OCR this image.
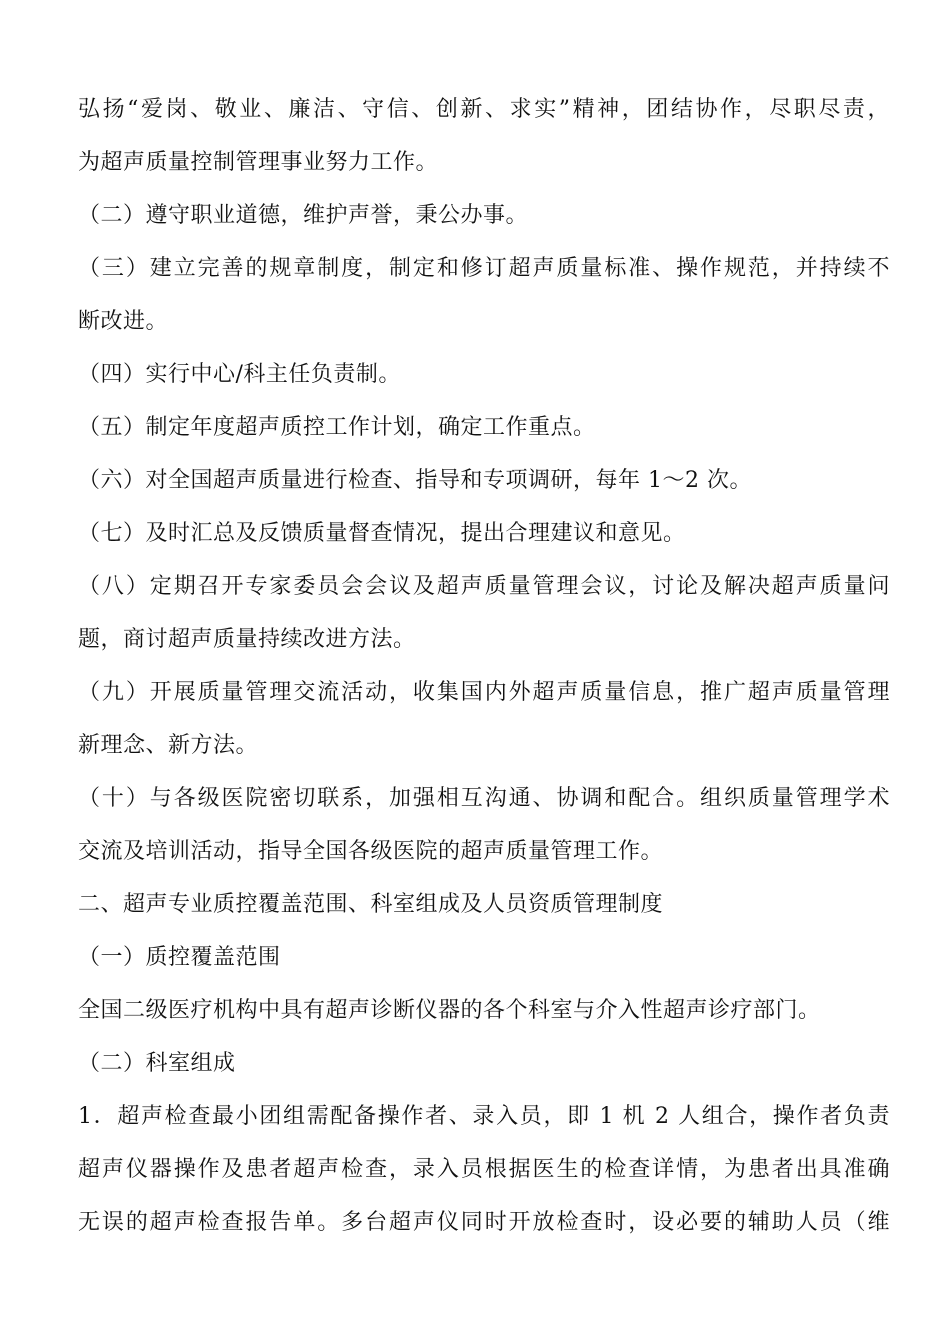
弘扬“爱岗、敬业、廉洁、守信、创新、求实”精神，团结协作，尽职尽责，
为超声质量控制管理事业努力工作。
（二）遵守职业道德，维护声誉，秉公办事。
（三）建立完善的规章制度，制定和修订超声质量标准、操作规范，并持续不
断改进。
（四）实行中心/科主任负责制。
（五）制定年度超声质控工作计划，确定工作重点。
（六）对全国超声质量进行检查、指导和专项调研，每年 1～2 次。
（七）及时汇总及反馈质量督查情况，提出合理建议和意见。
（八）定期召开专家委员会会议及超声质量管理会议，讨论及解决超声质量问
题，商讨超声质量持续改进方法。
（九）开展质量管理交流活动，收集国内外超声质量信息，推广超声质量管理
新理念、新方法。
（十）与各级医院密切联系，加强相互沟通、协调和配合。组织质量管理学术
交流及培训活动，指导全国各级医院的超声质量管理工作。
二、超声专业质控覆盖范围、科室组成及人员资质管理制度
（一）质控覆盖范围
全国二级医疗机构中具有超声诊断仪器的各个科室与介入性超声诊疗部门。
（二）科室组成
1．超声检查最小团组需配备操作者、录入员，即 1 机 2 人组合，操作者负责
超声仪器操作及患者超声检查，录入员根据医生的检查详情，为患者出具准确
无误的超声检查报告单。多台超声仪同时开放检查时，设必要的辅助人员（维
